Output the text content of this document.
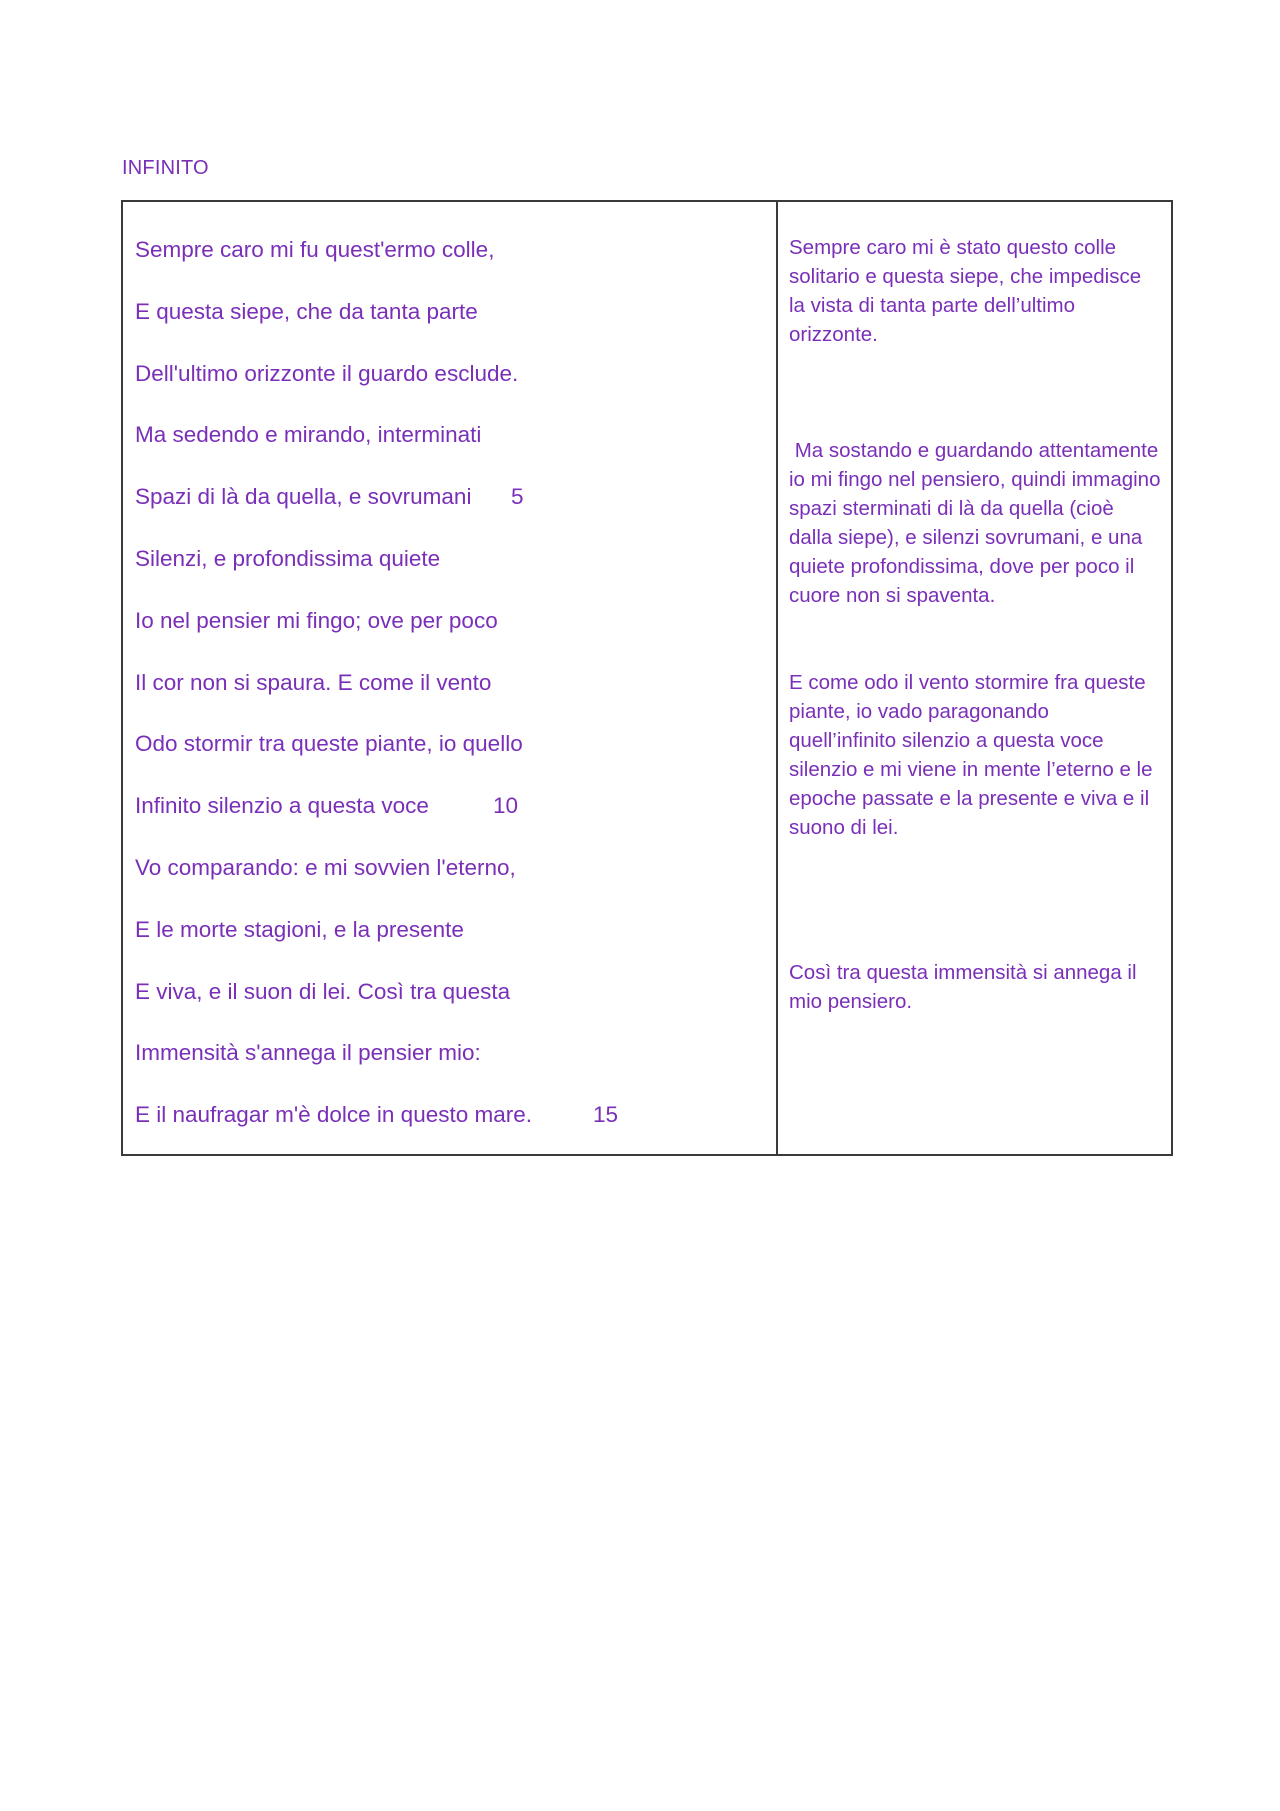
INFINITO
Sempre caro mi fu quest'ermo colle,
E questa siepe, che da tanta parte
Dell'ultimo orizzonte il guardo esclude.
Ma sedendo e mirando, interminati
Spazi di là da quella, e sovrumani 5
Silenzi, e profondissima quiete
Io nel pensier mi fingo; ove per poco
Il cor non si spaura. E come il vento
Odo stormir tra queste piante, io quello
Infinito silenzio a questa voce	10
Vo comparando: e mi sovvien l'eterno,
E le morte stagioni, e la presente
E viva, e il suon di lei. Così tra questa
Immensità s'annega il pensier mio:
E il naufragar m'è dolce in questo mare.	15

Sempre caro mi è stato questo colle solitario e questa siepe, che impedisce la vista di tanta parte dell’ultimo orizzonte.

Ma sostando e guardando attentamente io mi fingo nel pensiero, quindi immagino spazi sterminati di là da quella (cioè dalla siepe), e silenzi sovrumani, e una quiete profondissima, dove per poco il cuore non si spaventa.

E come odo il vento stormire fra queste piante, io vado paragonando quell’infinito silenzio a questa voce silenzio e mi viene in mente l’eterno e le epoche passate e la presente e viva e il suono di lei.

Così tra questa immensità si annega il mio pensiero.
